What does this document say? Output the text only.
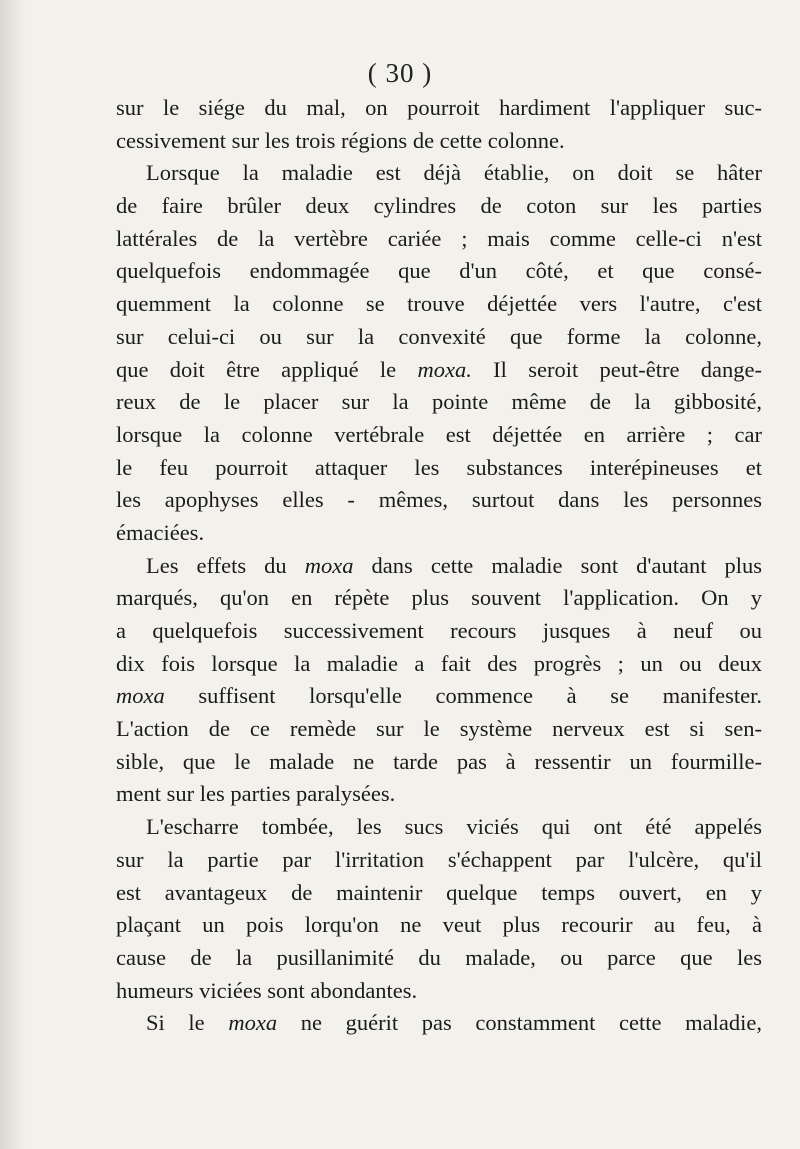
( 30 )
sur le siége du mal, on pourroit hardiment l'appliquer suc-
cessivement sur les trois régions de cette colonne.
Lorsque la maladie est déjà établie, on doit se hâter
de faire brûler deux cylindres de coton sur les parties
lattérales de la vertèbre cariée ; mais comme celle-ci n'est
quelquefois endommagée que d'un côté, et que consé-
quemment la colonne se trouve déjettée vers l'autre, c'est
sur celui-ci ou sur la convexité que forme la colonne,
que doit être appliqué le moxa. Il seroit peut-être dange-
reux de le placer sur la pointe même de la gibbosité,
lorsque la colonne vertébrale est déjettée en arrière ; car
le feu pourroit attaquer les substances interépineuses et
les apophyses elles - mêmes, surtout dans les personnes
émaciées.
Les effets du moxa dans cette maladie sont d'autant plus
marqués, qu'on en répète plus souvent l'application. On y
a quelquefois successivement recours jusques à neuf ou
dix fois lorsque la maladie a fait des progrès ; un ou deux
moxa suffisent lorsqu'elle commence à se manifester.
L'action de ce remède sur le système nerveux est si sen-
sible, que le malade ne tarde pas à ressentir un fourmille-
ment sur les parties paralysées.
L'escharre tombée, les sucs viciés qui ont été appelés
sur la partie par l'irritation s'échappent par l'ulcère, qu'il
est avantageux de maintenir quelque temps ouvert, en y
plaçant un pois lorqu'on ne veut plus recourir au feu, à
cause de la pusillanimité du malade, ou parce que les
humeurs viciées sont abondantes.
Si le moxa ne guérit pas constamment cette maladie,
